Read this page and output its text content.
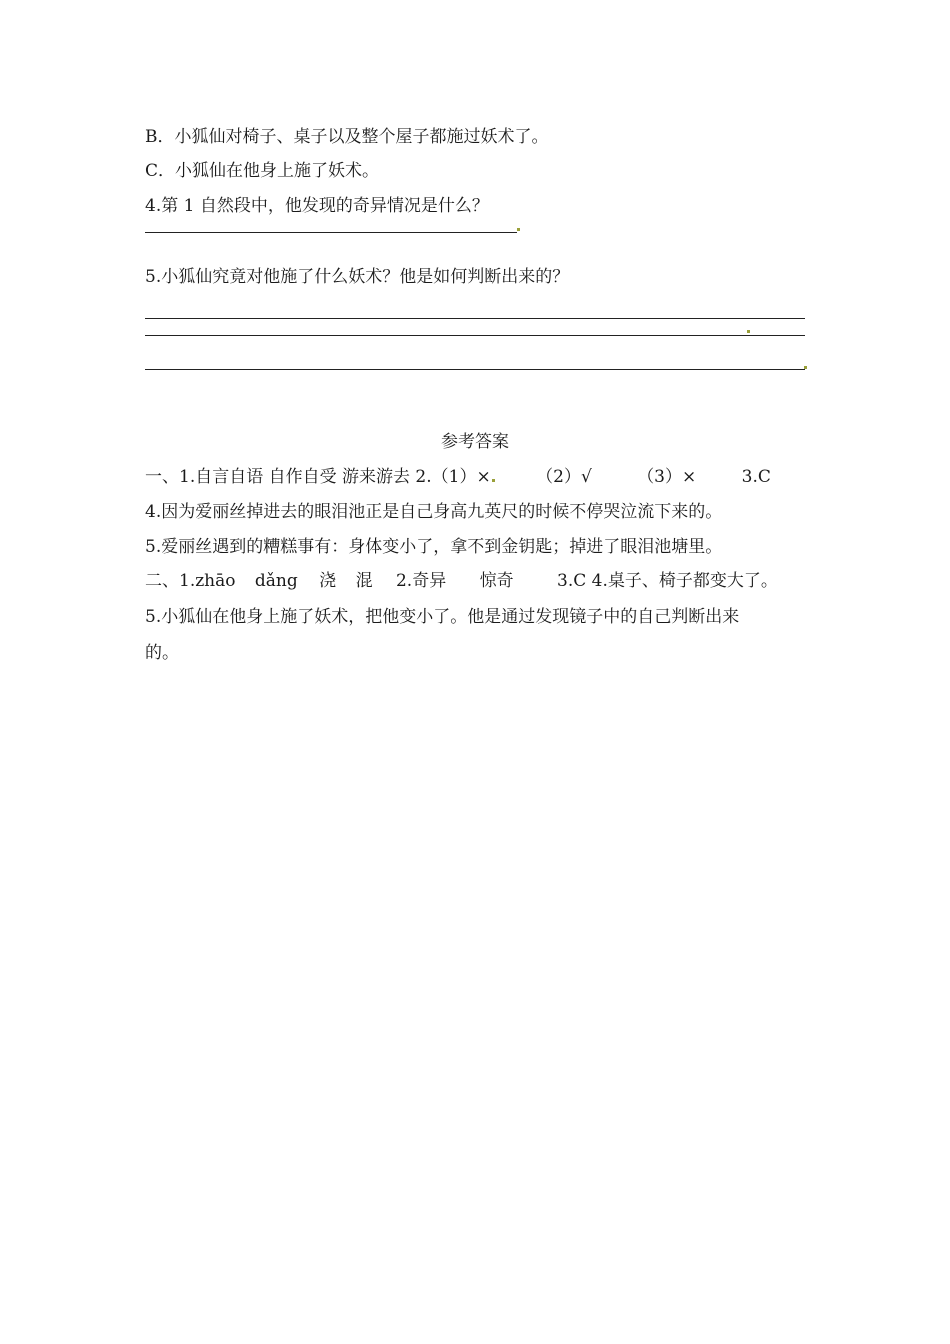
B．小狐仙对椅子、桌子以及整个屋子都施过妖术了。
C．小狐仙在他身上施了妖术。
4.第 1 自然段中，他发现的奇异情况是什么？
5.小狐仙究竟对他施了什么妖术？他是如何判断出来的？
参考答案
一、1.自言自语 自作自受 游来游去 2.（1）×	（2）√	（3）×	3.C
4.因为爱丽丝掉进去的眼泪池正是自己身高九英尺的时候不停哭泣流下来的。
5.爱丽丝遇到的糟糕事有：身体变小了，拿不到金钥匙；掉进了眼泪池塘里。
二、1.zhāo dǎng 浇 混 2.奇异 惊奇	3.C 4.桌子、椅子都变大了。
5.小狐仙在他身上施了妖术，把他变小了。他是通过发现镜子中的自己判断出来
的。
